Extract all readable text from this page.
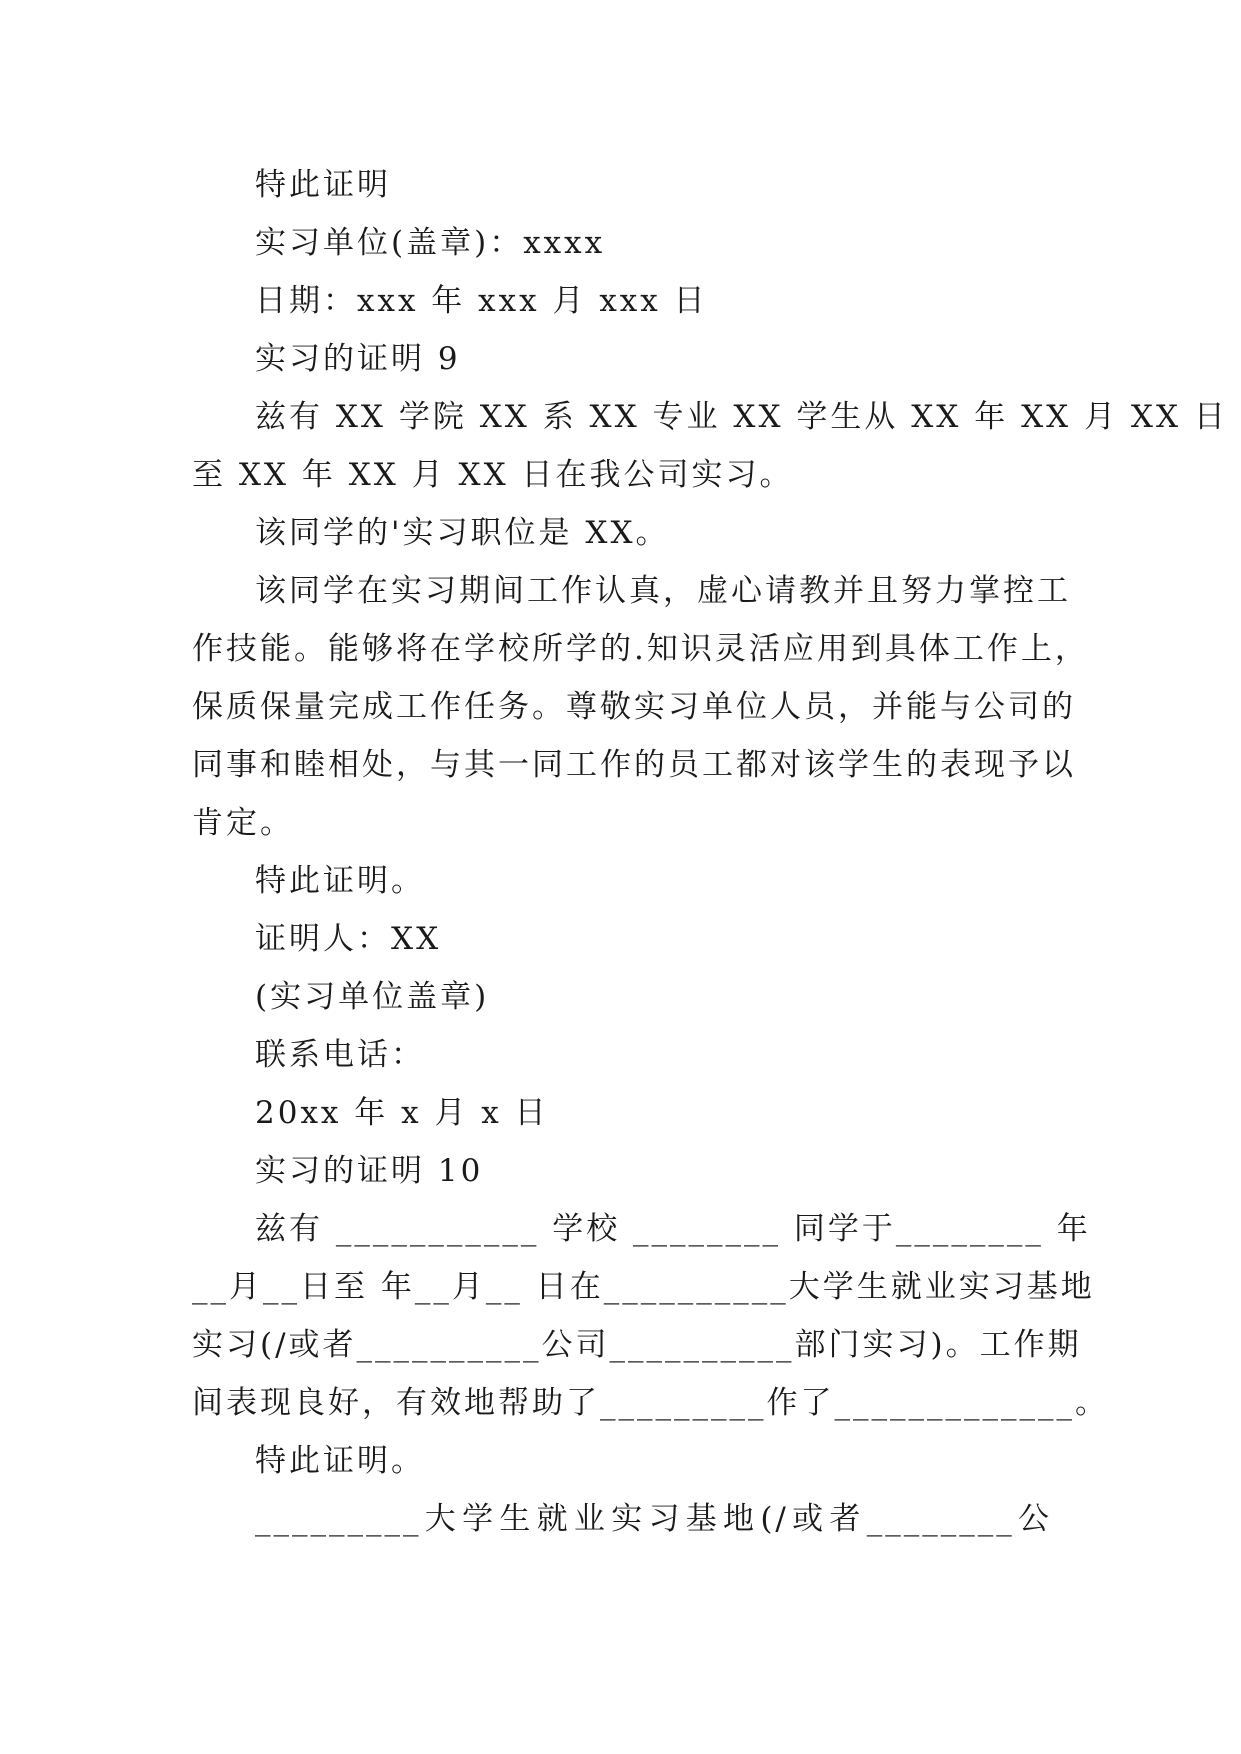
特此证明

实习单位(盖章)：xxxx

日期：xxx 年 xxx 月 xxx 日

实习的证明 9

兹有 XX 学院 XX 系 XX 专业 XX 学生从 XX 年 XX 月 XX 日

至 XX 年 XX 月 XX 日在我公司实习。

该同学的'实习职位是 XX。

该同学在实习期间工作认真，虚心请教并且努力掌控工

作技能。能够将在学校所学的.知识灵活应用到具体工作上，

保质保量完成工作任务。尊敬实习单位人员，并能与公司的

同事和睦相处，与其一同工作的员工都对该学生的表现予以

肯定。

特此证明。

证明人：XX

(实习单位盖章)

联系电话：

20xx 年 x 月 x 日

实习的证明 10

兹有 ___________ 学校 ________ 同学于________ 年

__月__日至 年__月__ 日在__________大学生就业实习基地

实习(/或者__________公司__________部门实习)。工作期

间表现良好，有效地帮助了_________作了_____________。

特此证明。

_________大学生就业实习基地(/或者________公
